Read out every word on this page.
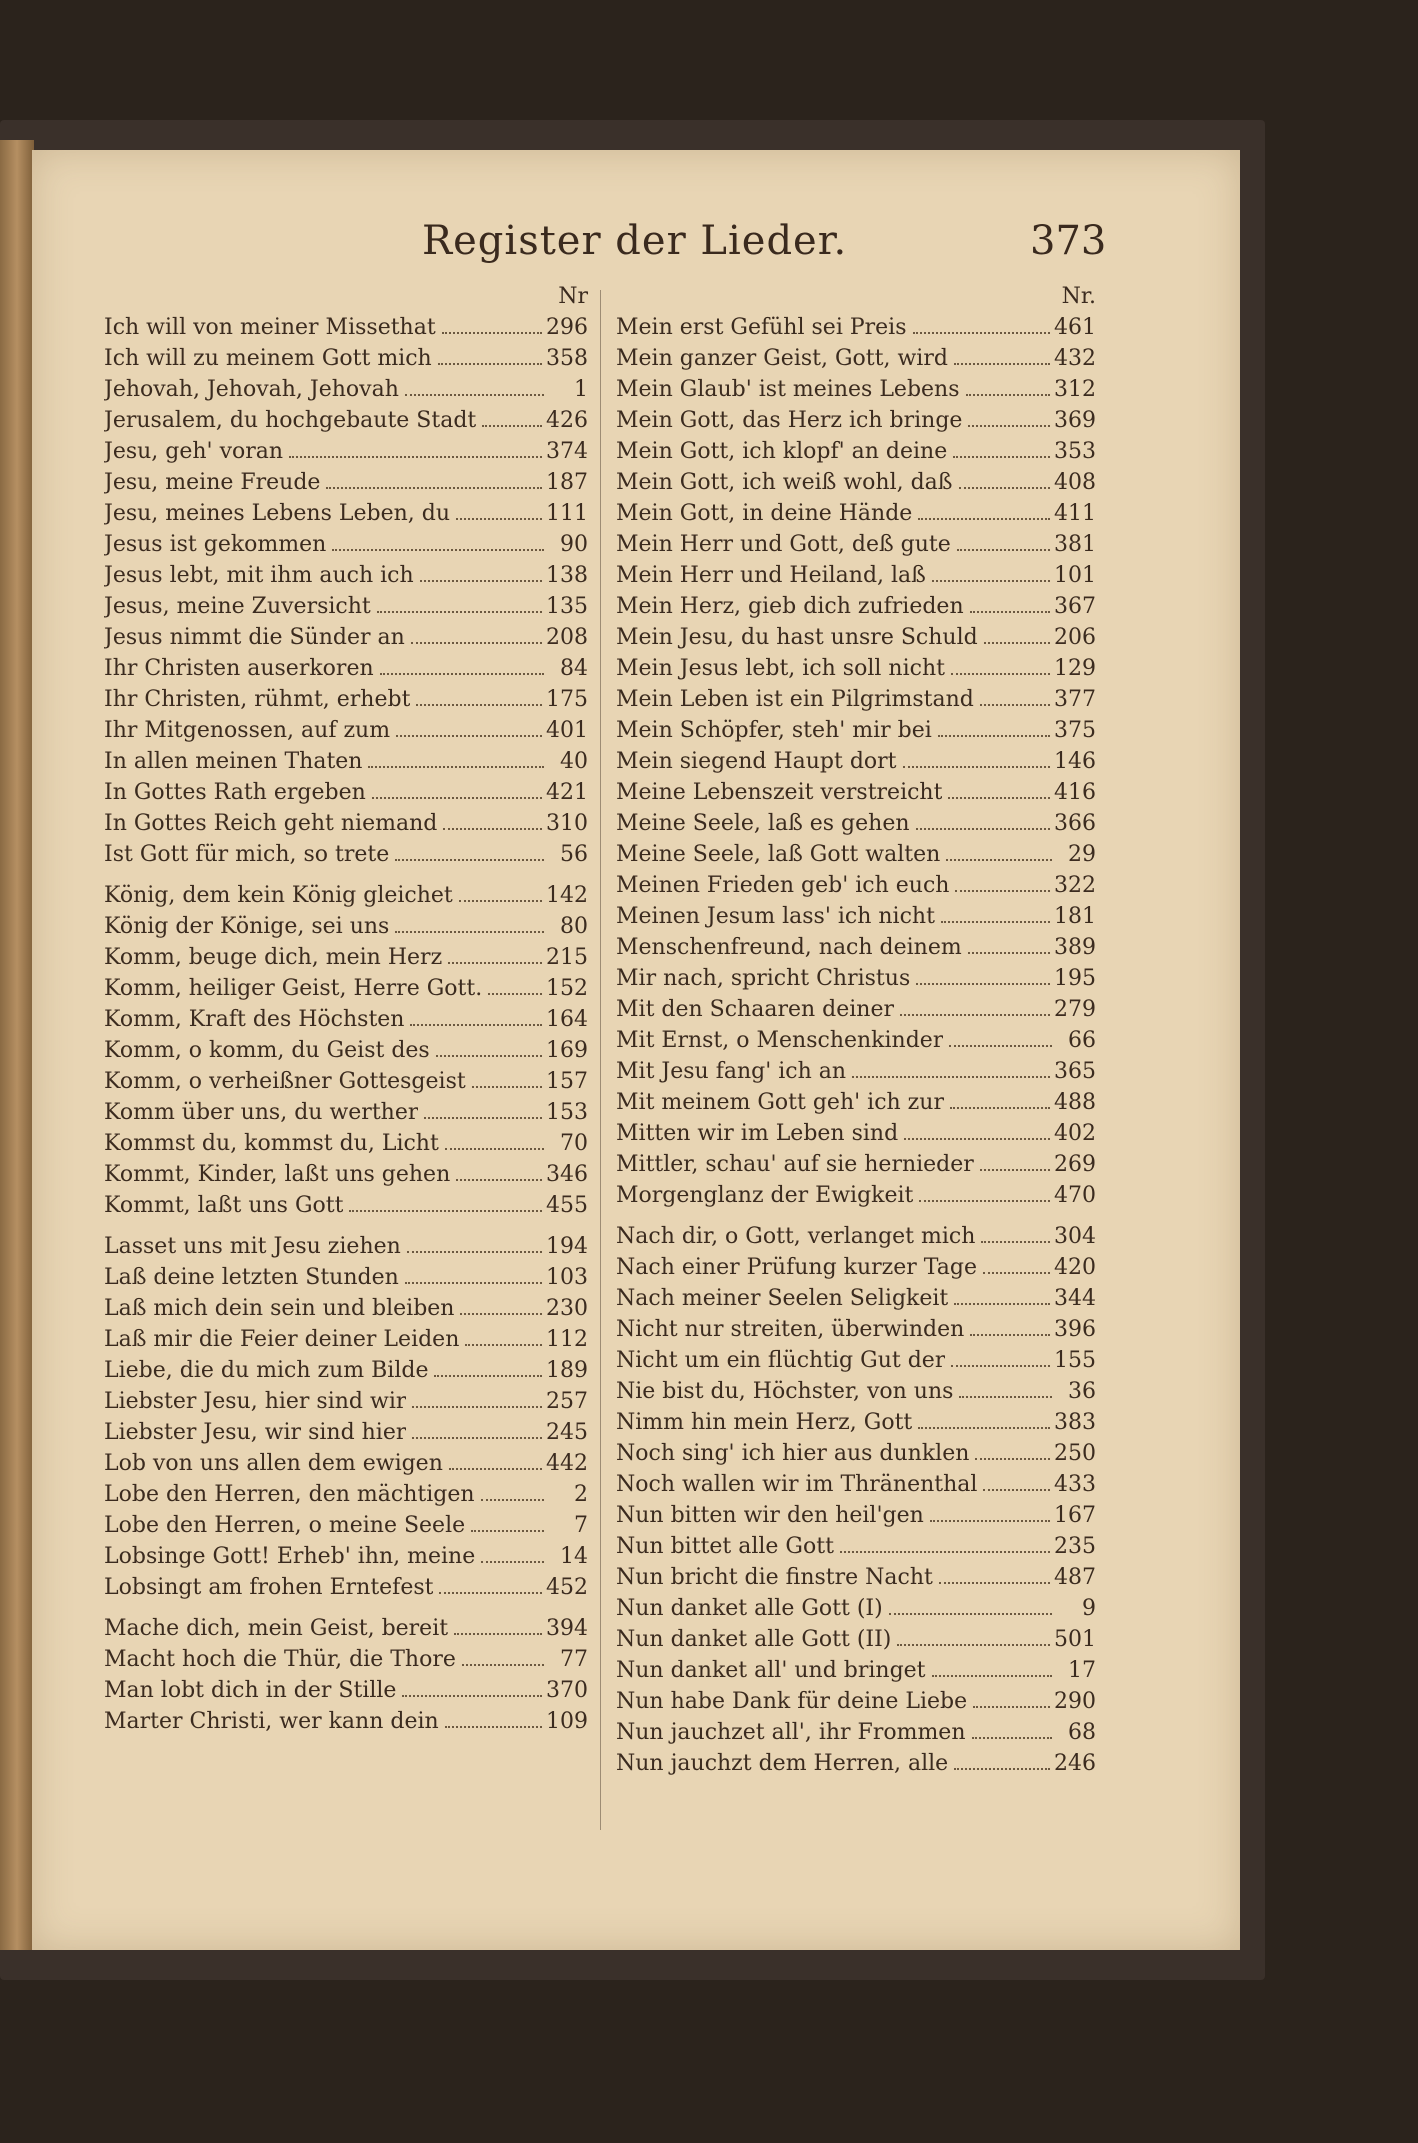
Register der Lieder.	373
Nr
Ich will von meiner Missethat	296
Ich will zu meinem Gott mich	358
Jehovah, Jehovah, Jehovah	1
Jerusalem, du hochgebaute Stadt	426
Jesu, geh' voran	374
Jesu, meine Freude	187
Jesu, meines Lebens Leben, du	111
Jesus ist gekommen	90
Jesus lebt, mit ihm auch ich	138
Jesus, meine Zuversicht	135
Jesus nimmt die Sünder an	208
Ihr Christen auserkoren	84
Ihr Christen, rühmt, erhebt	175
Ihr Mitgenossen, auf zum	401
In allen meinen Thaten	40
In Gottes Rath ergeben	421
In Gottes Reich geht niemand	310
Ist Gott für mich, so trete	56
König, dem kein König gleichet	142
König der Könige, sei uns	80
Komm, beuge dich, mein Herz	215
Komm, heiliger Geist, Herre Gott.	152
Komm, Kraft des Höchsten	164
Komm, o komm, du Geist des	169
Komm, o verheißner Gottesgeist	157
Komm über uns, du werther	153
Kommst du, kommst du, Licht	70
Kommt, Kinder, laßt uns gehen	346
Kommt, laßt uns Gott	455
Lasset uns mit Jesu ziehen	194
Laß deine letzten Stunden	103
Laß mich dein sein und bleiben	230
Laß mir die Feier deiner Leiden	112
Liebe, die du mich zum Bilde	189
Liebster Jesu, hier sind wir	257
Liebster Jesu, wir sind hier	245
Lob von uns allen dem ewigen	442
Lobe den Herren, den mächtigen	2
Lobe den Herren, o meine Seele	7
Lobsinge Gott! Erheb' ihn, meine	14
Lobsingt am frohen Erntefest	452
Mache dich, mein Geist, bereit	394
Macht hoch die Thür, die Thore	77
Man lobt dich in der Stille	370
Marter Christi, wer kann dein	109
Nr.
Mein erst Gefühl sei Preis	461
Mein ganzer Geist, Gott, wird	432
Mein Glaub' ist meines Lebens	312
Mein Gott, das Herz ich bringe	369
Mein Gott, ich klopf' an deine	353
Mein Gott, ich weiß wohl, daß	408
Mein Gott, in deine Hände	411
Mein Herr und Gott, deß gute	381
Mein Herr und Heiland, laß	101
Mein Herz, gieb dich zufrieden	367
Mein Jesu, du hast unsre Schuld	206
Mein Jesus lebt, ich soll nicht	129
Mein Leben ist ein Pilgrimstand	377
Mein Schöpfer, steh' mir bei	375
Mein siegend Haupt dort	146
Meine Lebenszeit verstreicht	416
Meine Seele, laß es gehen	366
Meine Seele, laß Gott walten	29
Meinen Frieden geb' ich euch	322
Meinen Jesum lass' ich nicht	181
Menschenfreund, nach deinem	389
Mir nach, spricht Christus	195
Mit den Schaaren deiner	279
Mit Ernst, o Menschenkinder	66
Mit Jesu fang' ich an	365
Mit meinem Gott geh' ich zur	488
Mitten wir im Leben sind	402
Mittler, schau' auf sie hernieder	269
Morgenglanz der Ewigkeit	470
Nach dir, o Gott, verlanget mich	304
Nach einer Prüfung kurzer Tage	420
Nach meiner Seelen Seligkeit	344
Nicht nur streiten, überwinden	396
Nicht um ein flüchtig Gut der	155
Nie bist du, Höchster, von uns	36
Nimm hin mein Herz, Gott	383
Noch sing' ich hier aus dunklen	250
Noch wallen wir im Thränenthal	433
Nun bitten wir den heil'gen	167
Nun bittet alle Gott	235
Nun bricht die finstre Nacht	487
Nun danket alle Gott (I)	9
Nun danket alle Gott (II)	501
Nun danket all' und bringet	17
Nun habe Dank für deine Liebe	290
Nun jauchzet all', ihr Frommen	68
Nun jauchzt dem Herren, alle	246
